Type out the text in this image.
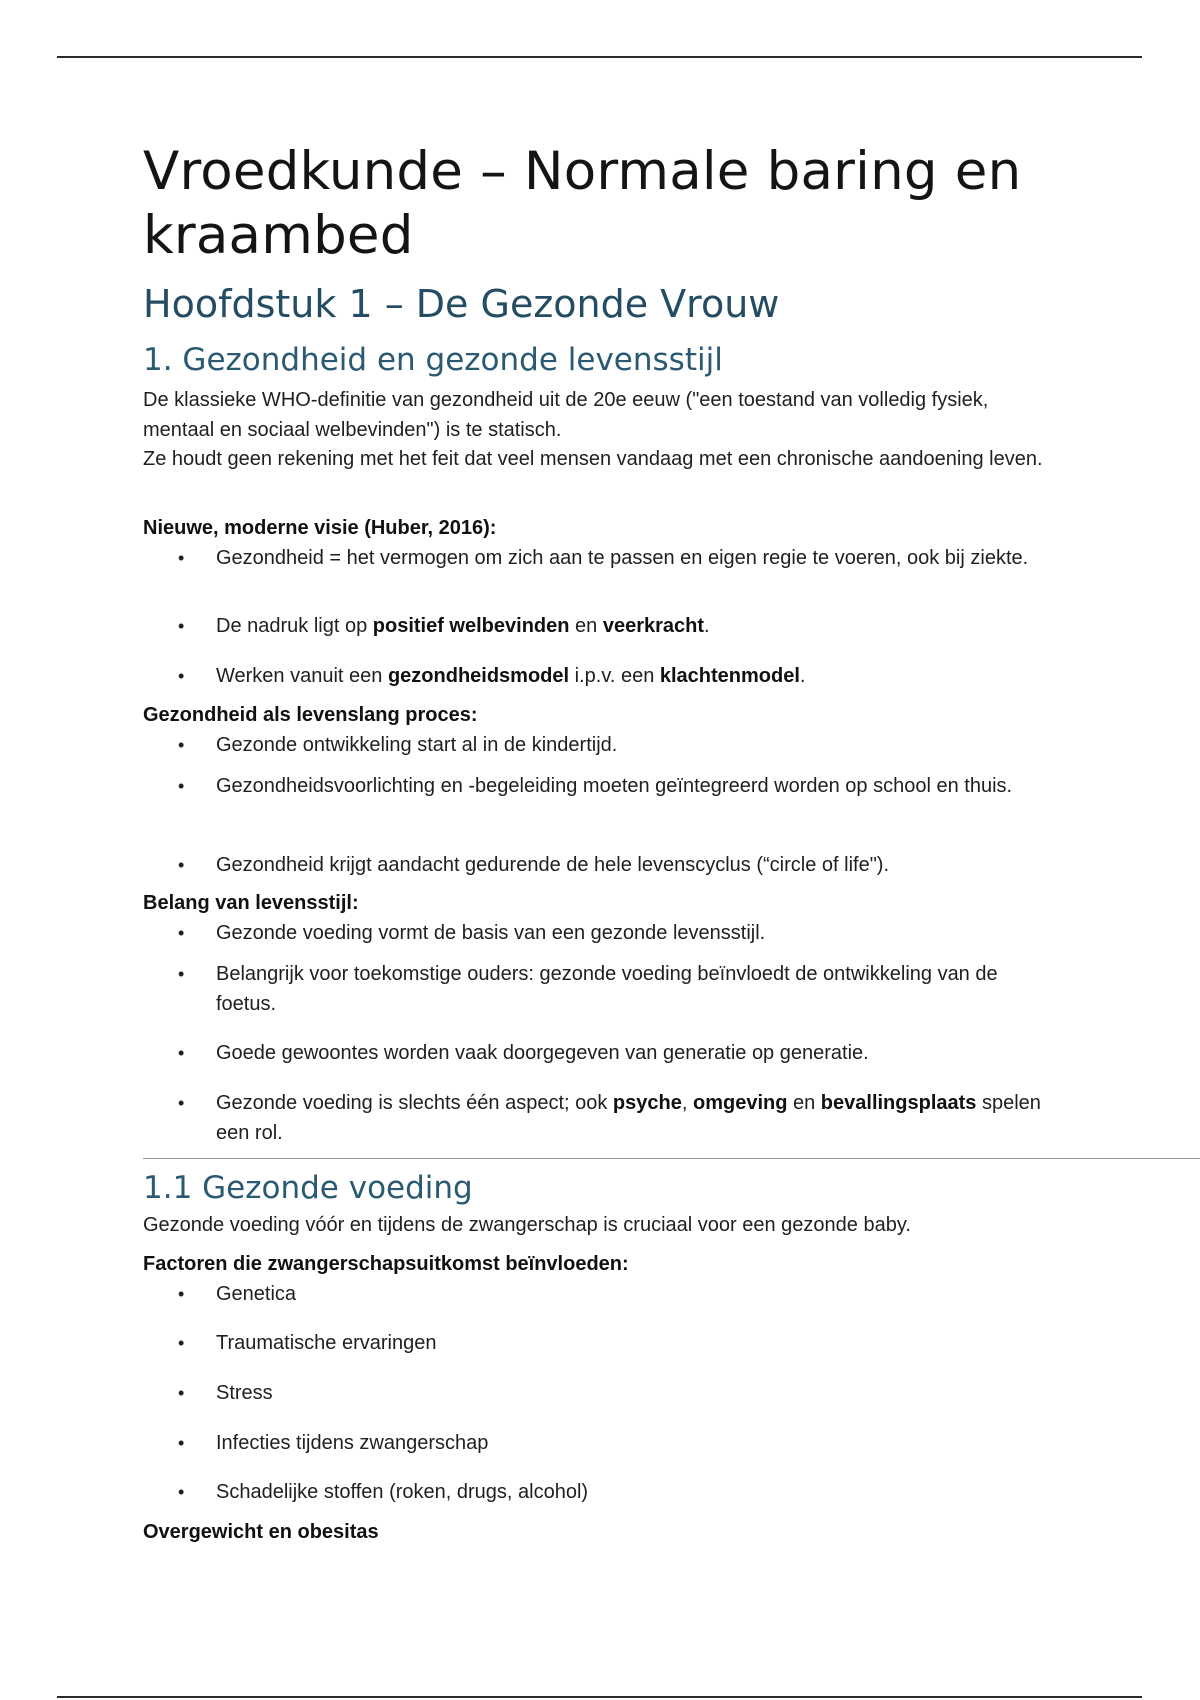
Vroedkunde – Normale baring en kraambed
Hoofdstuk 1 – De Gezonde Vrouw
1. Gezondheid en gezonde levensstijl

De klassieke WHO-definitie van gezondheid uit de 20e eeuw ("een toestand van volledig fysiek, mentaal en sociaal welbevinden") is te statisch.

Ze houdt geen rekening met het feit dat veel mensen vandaag met een chronische aandoening leven.

Nieuwe, moderne visie (Huber, 2016):

• Gezondheid = het vermogen om zich aan te passen en eigen regie te voeren, ook bij ziekte.
• De nadruk ligt op positief welbevinden en veerkracht.
• Werken vanuit een gezondheidsmodel i.p.v. een klachtenmodel.

Gezondheid als levenslang proces:

• Gezonde ontwikkeling start al in de kindertijd.
• Gezondheidsvoorlichting en -begeleiding moeten geïntegreerd worden op school en thuis.
• Gezondheid krijgt aandacht gedurende de hele levenscyclus (“circle of life").

Belang van levensstijl:

• Gezonde voeding vormt de basis van een gezonde levensstijl.
• Belangrijk voor toekomstige ouders: gezonde voeding beïnvloedt de ontwikkeling van de foetus.
• Goede gewoontes worden vaak doorgegeven van generatie op generatie.
• Gezonde voeding is slechts één aspect; ook psyche, omgeving en bevallingsplaats spelen een rol.
1.1 Gezonde voeding

Gezonde voeding vóór en tijdens de zwangerschap is cruciaal voor een gezonde baby.

Factoren die zwangerschapsuitkomst beïnvloeden:

• Genetica
• Traumatische ervaringen
• Stress
• Infecties tijdens zwangerschap
• Schadelijke stoffen (roken, drugs, alcohol)

Overgewicht en obesitas
